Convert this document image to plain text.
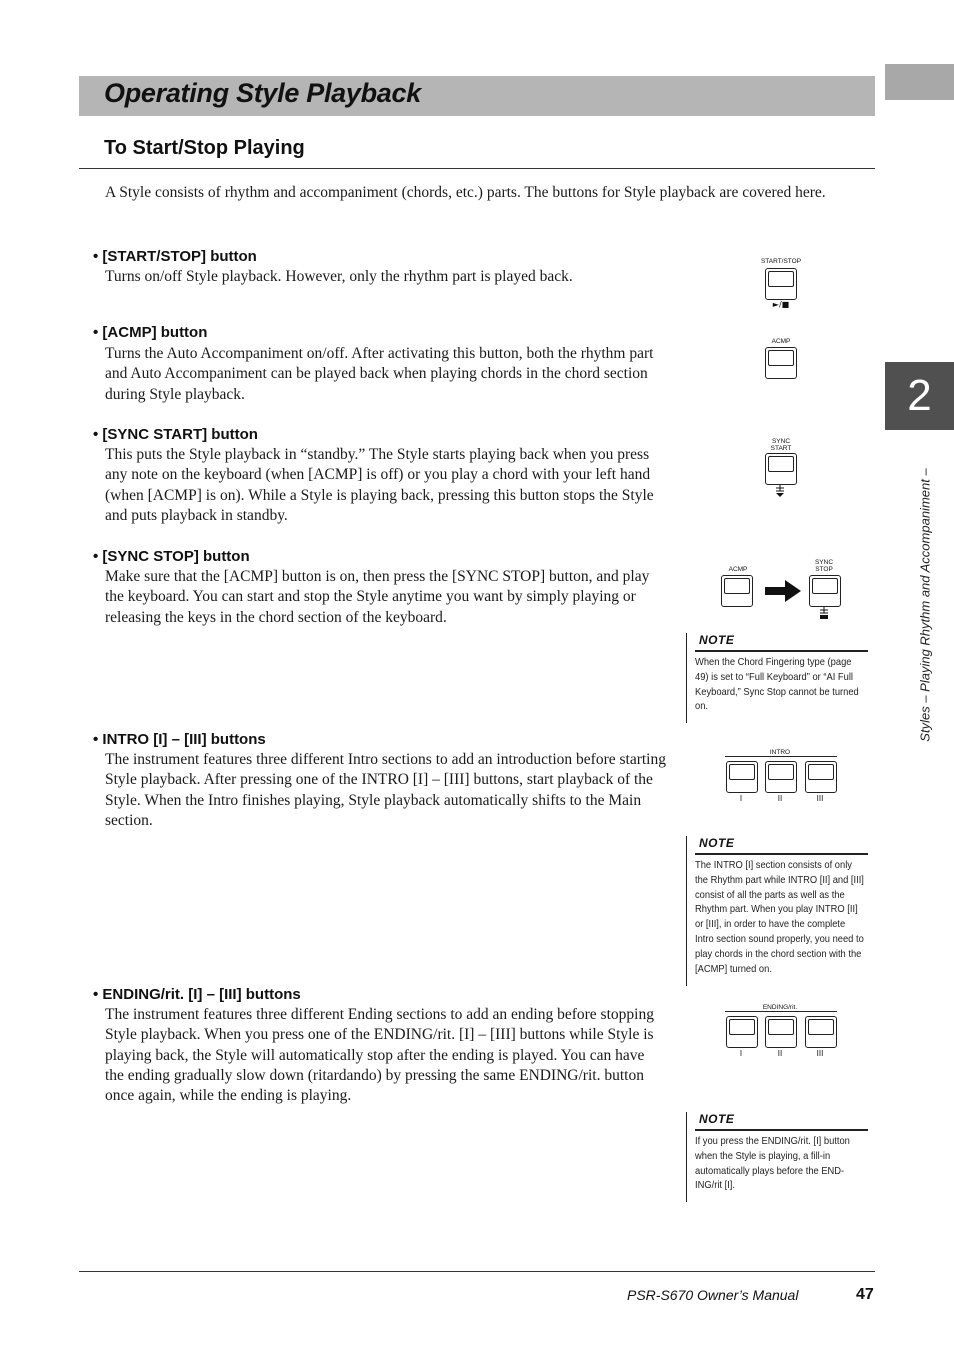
Operating Style Playback
To Start/Stop Playing
A Style consists of rhythm and accompaniment (chords, etc.) parts. The buttons for Style playback are covered here.
• [START/STOP] button
Turns on/off Style playback. However, only the rhythm part is played back.
• [ACMP] button
Turns the Auto Accompaniment on/off. After activating this button, both the rhythm part and Auto Accompaniment can be played back when playing chords in the chord section during Style playback.
• [SYNC START] button
This puts the Style playback in “standby.” The Style starts playing back when you press any note on the keyboard (when [ACMP] is off) or you play a chord with your left hand (when [ACMP] is on). While a Style is playing back, pressing this button stops the Style and puts playback in standby.
• [SYNC STOP] button
Make sure that the [ACMP] button is on, then press the [SYNC STOP] button, and play the keyboard. You can start and stop the Style anytime you want by simply playing or releasing the keys in the chord section of the keyboard.
• INTRO [I] – [III] buttons
The instrument features three different Intro sections to add an introduction before starting Style playback. After pressing one of the INTRO [I] – [III] buttons, start playback of the Style. When the Intro finishes playing, Style playback automatically shifts to the Main section.
• ENDING/rit. [I] – [III] buttons
The instrument features three different Ending sections to add an ending before stopping Style playback. When you press one of the ENDING/rit. [I] – [III] buttons while Style is playing back, the Style will automatically stop after the ending is played. You can have the ending gradually slow down (ritardando) by pressing the same ENDING/rit. button once again, while the ending is playing.
START/STOP
►/■
ACMP
SYNC
START
ACMP
SYNC
STOP
INTRO
I	II	III
ENDING/rit.
I	II	III
NOTE
When the Chord Fingering type (page 49) is set to “Full Keyboard” or “AI Full Keyboard,” Sync Stop cannot be turned on.
NOTE
The INTRO [I] section consists of only the Rhythm part while INTRO [II] and [III] consist of all the parts as well as the Rhythm part. When you play INTRO [II] or [III], in order to have the complete Intro section sound properly, you need to play chords in the chord section with the [ACMP] turned on.
NOTE
If you press the ENDING/rit. [I] button when the Style is playing, a fill-in automatically plays before the END-ING/rit [I].
2
Styles – Playing Rhythm and Accompaniment –
PSR-S670 Owner’s Manual	47
